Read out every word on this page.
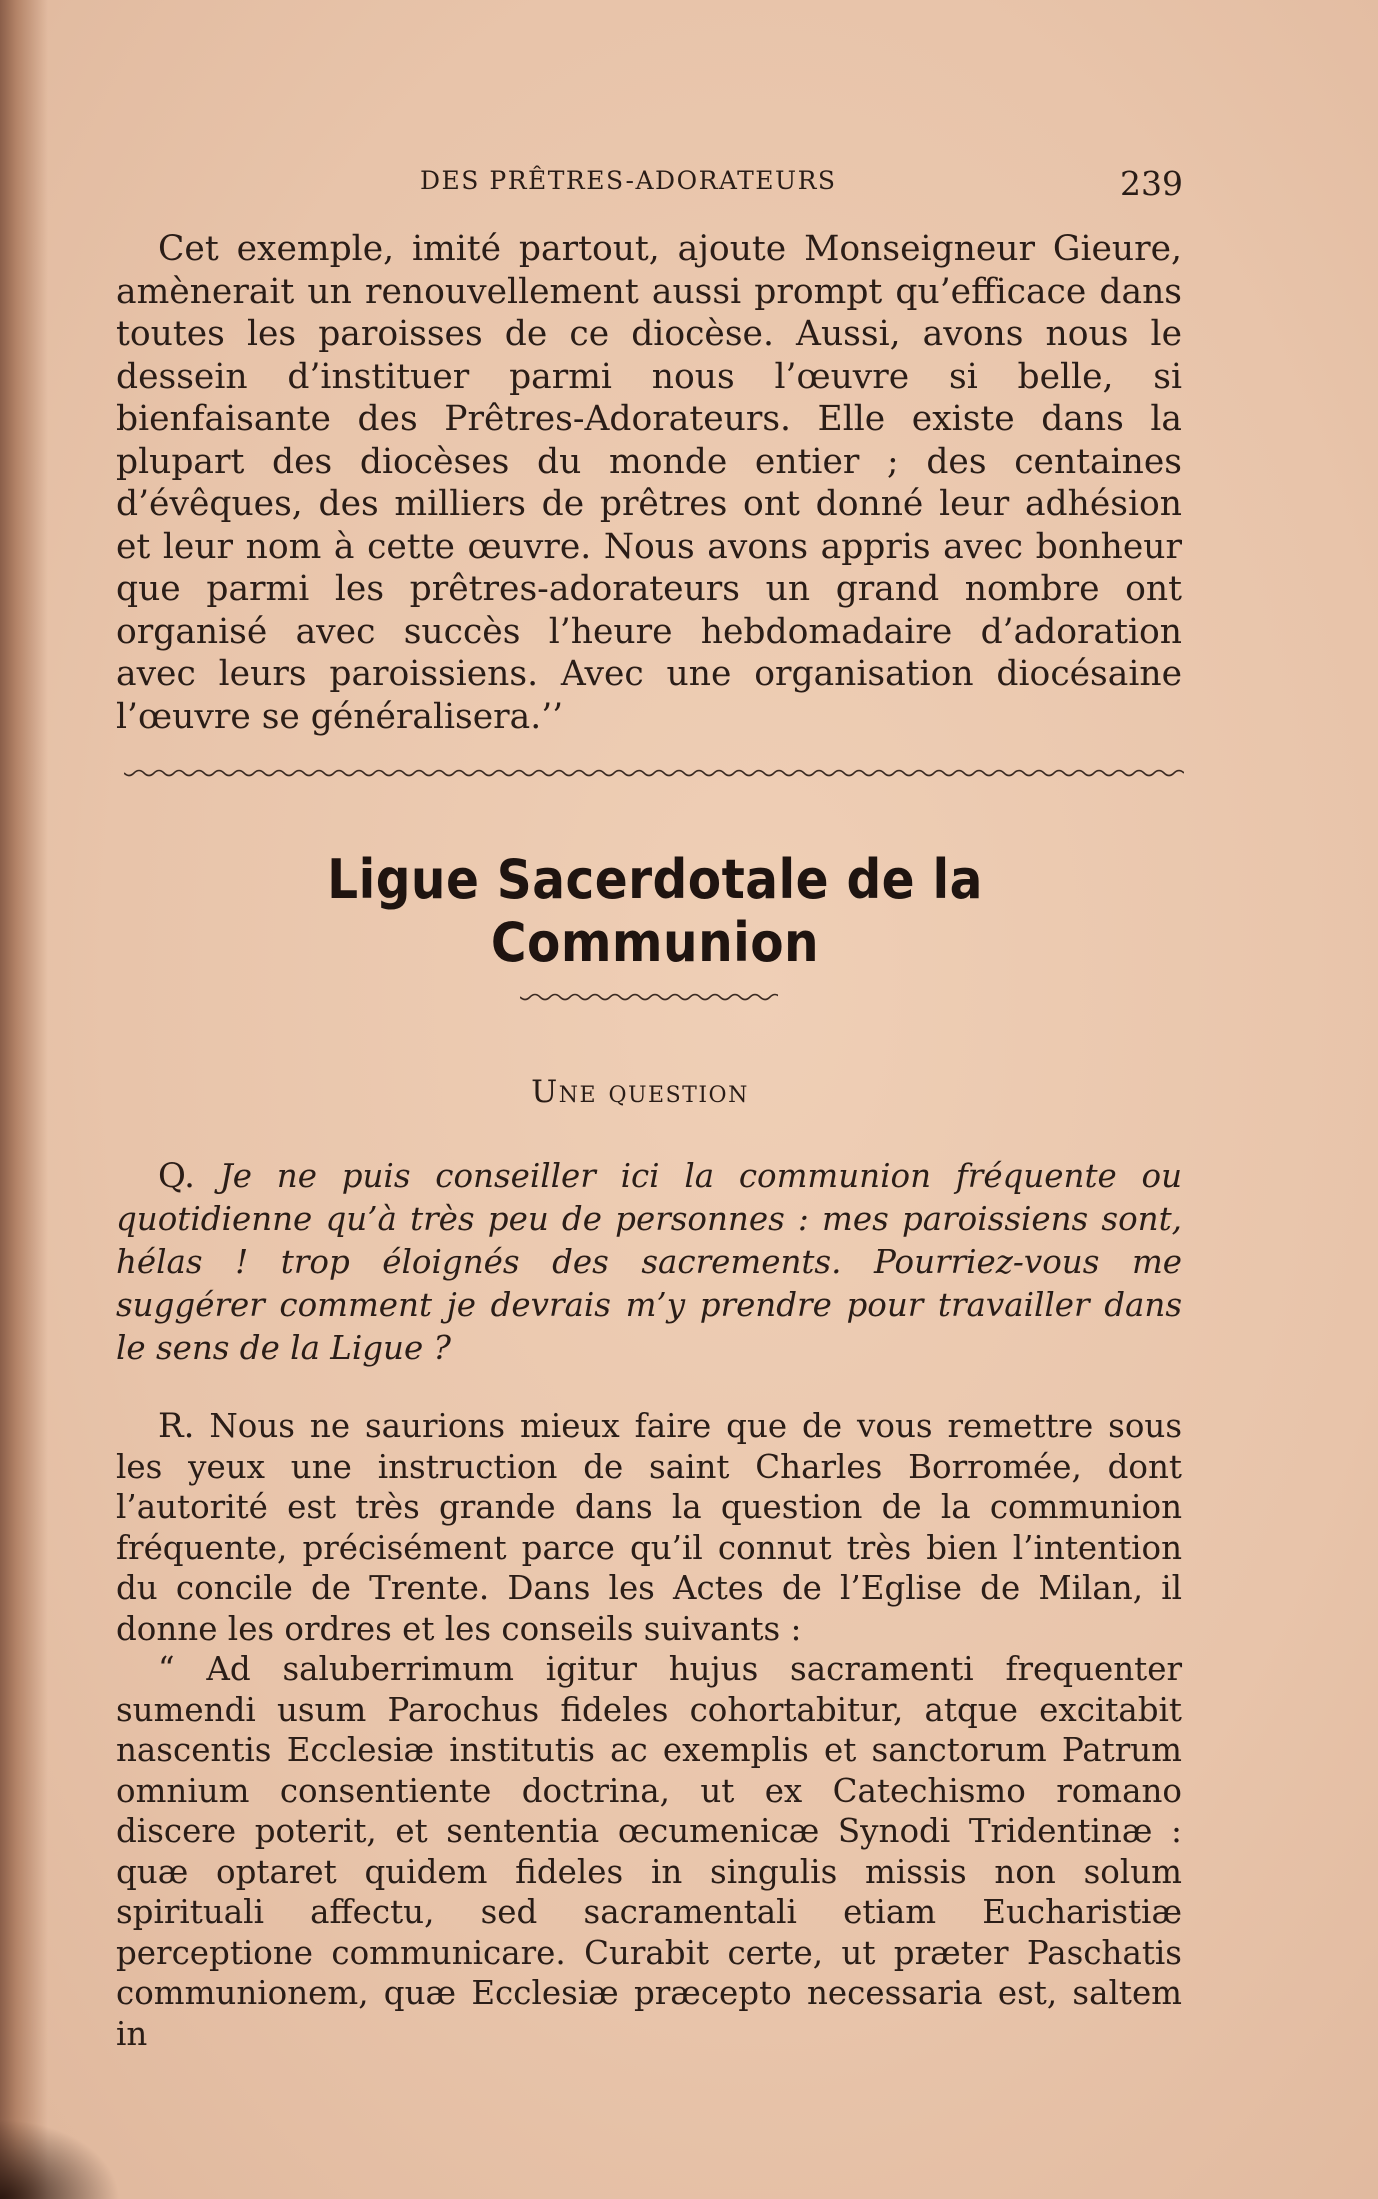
DES PRÊTRES-ADORATEURS	239

Cet exemple, imité partout, ajoute Monseigneur Gieure, amènerait un renouvellement aussi prompt qu’efficace dans toutes les paroisses de ce diocèse. Aussi, avons nous le dessein d’instituer parmi nous l’œuvre si belle, si bienfaisante des Prêtres-Adorateurs. Elle existe dans la plupart des diocèses du monde entier ; des centaines d’évêques, des milliers de prêtres ont donné leur adhésion et leur nom à cette œuvre. Nous avons appris avec bonheur que parmi les prêtres-adorateurs un grand nombre ont organisé avec succès l’heure hebdomadaire d’adoration avec leurs paroissiens. Avec une organisation diocésaine l’œuvre se généralisera.’’

Ligue Sacerdotale de la Communion
Une question

Q. Je ne puis conseiller ici la communion fréquente ou quotidienne qu’à très peu de personnes : mes paroissiens sont, hélas ! trop éloignés des sacrements. Pourriez-vous me suggérer comment je devrais m’y prendre pour travailler dans le sens de la Ligue ?

R. Nous ne saurions mieux faire que de vous remettre sous les yeux une instruction de saint Charles Borromée, dont l’autorité est très grande dans la question de la communion fréquente, précisément parce qu’il connut très bien l’intention du concile de Trente. Dans les Actes de l’Eglise de Milan, il donne les ordres et les conseils suivants :

“ Ad saluberrimum igitur hujus sacramenti frequenter sumendi usum Parochus fideles cohortabitur, atque excitabit nascentis Ecclesiæ institutis ac exemplis et sanctorum Patrum omnium consentiente doctrina, ut ex Catechismo romano discere poterit, et sententia œcumenicæ Synodi Tridentinæ : quæ optaret quidem fideles in singulis missis non solum spirituali affectu, sed sacramentali etiam Eucharistiæ perceptione communicare. Curabit certe, ut præter Paschatis communionem, quæ Ecclesiæ præcepto necessaria est, saltem in
